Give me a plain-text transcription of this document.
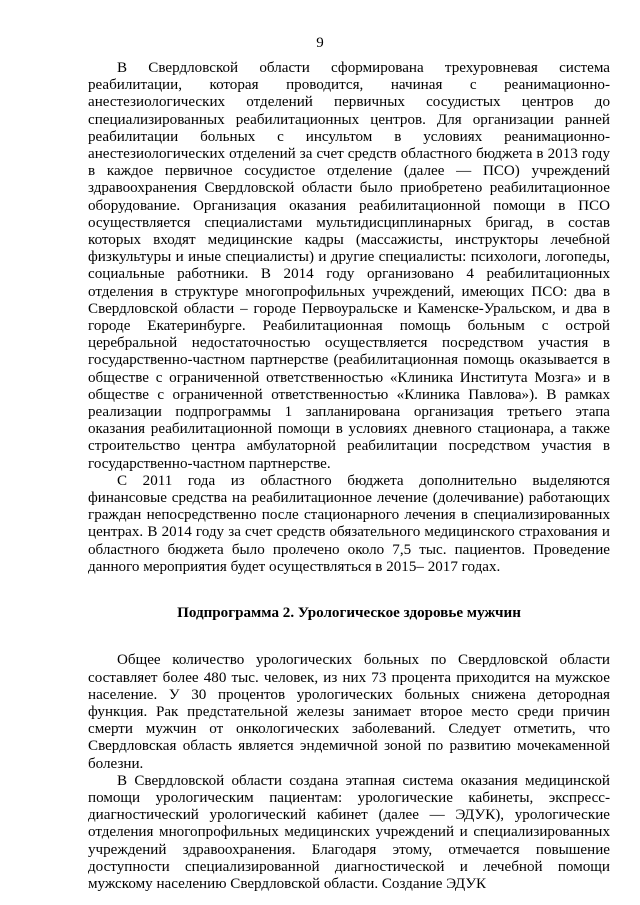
9

В Свердловской области сформирована трехуровневая система реабилитации, которая проводится, начиная с реанимационно-анестезиологических отделений первичных сосудистых центров до специализированных реабилитационных центров. Для организации ранней реабилитации больных с инсультом в условиях реанимационно-анестезиологических отделений за счет средств областного бюджета в 2013 году в каждое первичное сосудистое отделение (далее — ПСО) учреждений здравоохранения Свердловской области было приобретено реабилитационное оборудование. Организация оказания реабилитационной помощи в ПСО осуществляется специалистами мультидисциплинарных бригад, в состав которых входят медицинские кадры (массажисты, инструкторы лечебной физкультуры и иные специалисты) и другие специалисты: психологи, логопеды, социальные работники. В 2014 году организовано 4 реабилитационных отделения в структуре многопрофильных учреждений, имеющих ПСО: два в Свердловской области – городе Первоуральске и Каменске-Уральском, и два в городе Екатеринбурге. Реабилитационная помощь больным с острой церебральной недостаточностью осуществляется посредством участия в государственно-частном партнерстве (реабилитационная помощь оказывается в обществе с ограниченной ответственностью «Клиника Института Мозга» и в обществе с ограниченной ответственностью «Клиника Павлова»). В рамках реализации подпрограммы 1 запланирована организация третьего этапа оказания реабилитационной помощи в условиях дневного стационара, а также строительство центра амбулаторной реабилитации посредством участия в государственно-частном партнерстве.

С 2011 года из областного бюджета дополнительно выделяются финансовые средства на реабилитационное лечение (долечивание) работающих граждан непосредственно после стационарного лечения в специализированных центрах. В 2014 году за счет средств обязательного медицинского страхования и областного бюджета было пролечено около 7,5 тыс. пациентов. Проведение данного мероприятия будет осуществляться в 2015– 2017 годах.

Подпрограмма 2. Урологическое здоровье мужчин

Общее количество урологических больных по Свердловской области составляет более 480 тыс. человек, из них 73 процента приходится на мужское население. У 30 процентов урологических больных снижена детородная функция. Рак предстательной железы занимает второе место среди причин смерти мужчин от онкологических заболеваний. Следует отметить, что Свердловская область является эндемичной зоной по развитию мочекаменной болезни.

В Свердловской области создана этапная система оказания медицинской помощи урологическим пациентам: урологические кабинеты, экспресс-диагностический урологический кабинет (далее — ЭДУК), урологические отделения многопрофильных медицинских учреждений и специализированных учреждений здравоохранения. Благодаря этому, отмечается повышение доступности специализированной диагностической и лечебной помощи мужскому населению Свердловской области. Создание ЭДУК
